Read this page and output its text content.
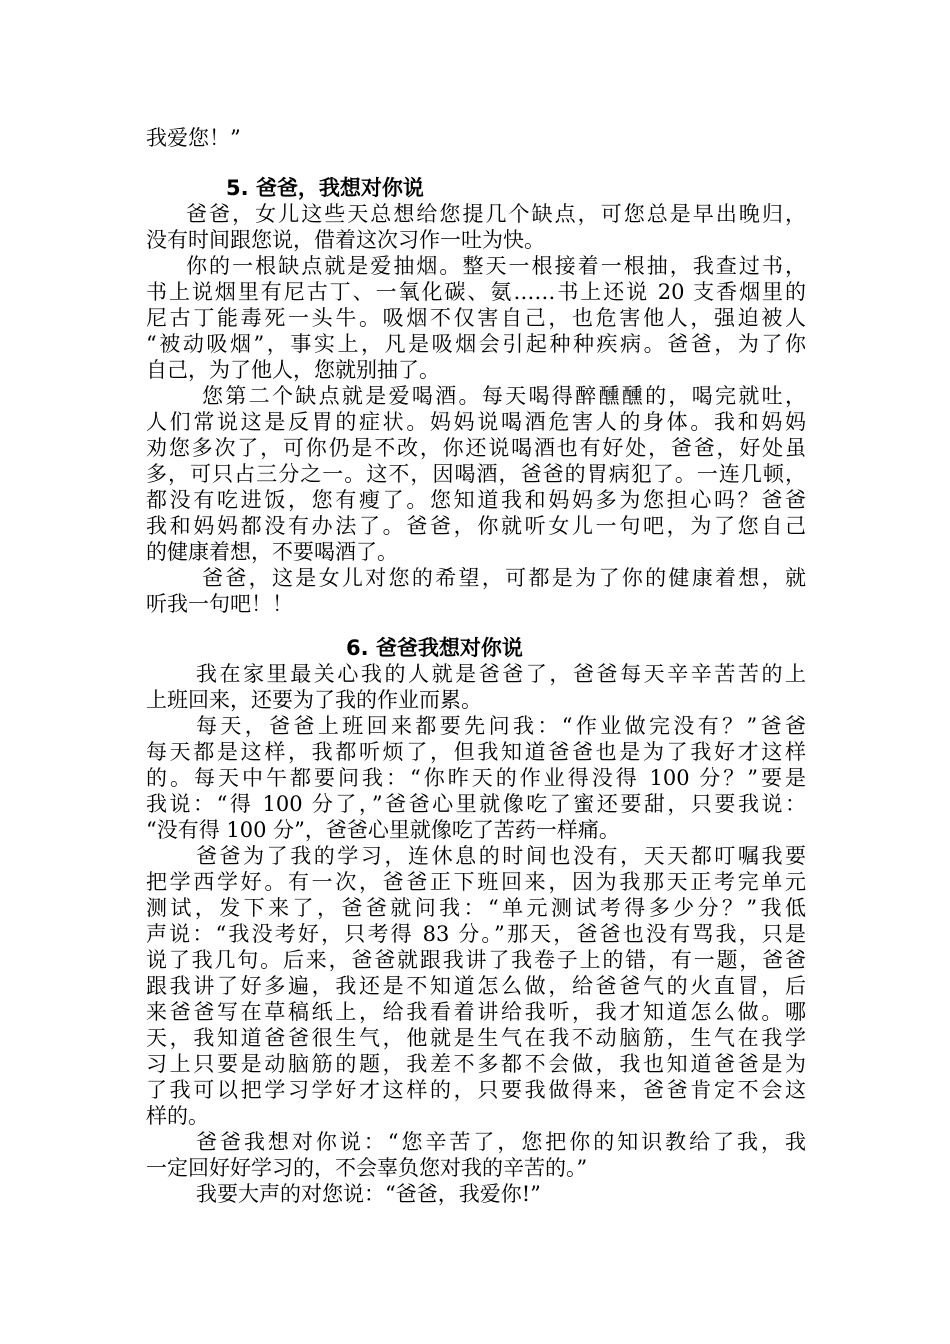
我爱您！”
5. 爸爸，我想对你说
爸爸，女儿这些天总想给您提几个缺点，可您总是早出晚归，
没有时间跟您说，借着这次习作一吐为快。
你的一根缺点就是爱抽烟。整天一根接着一根抽，我查过书，
书上说烟里有尼古丁、一氧化碳、氨……书上还说 20 支香烟里的
尼古丁能毒死一头牛。吸烟不仅害自己，也危害他人，强迫被人
“被动吸烟”，事实上，凡是吸烟会引起种种疾病。爸爸，为了你
自己，为了他人，您就别抽了。
您第二个缺点就是爱喝酒。每天喝得醉醺醺的，喝完就吐，
人们常说这是反胃的症状。妈妈说喝酒危害人的身体。我和妈妈
劝您多次了，可你仍是不改，你还说喝酒也有好处，爸爸，好处虽
多，可只占三分之一。这不，因喝酒，爸爸的胃病犯了。一连几顿，
都没有吃进饭，您有瘦了。您知道我和妈妈多为您担心吗？爸爸
我和妈妈都没有办法了。爸爸，你就听女儿一句吧，为了您自己
的健康着想，不要喝酒了。
爸爸，这是女儿对您的希望，可都是为了你的健康着想，就
听我一句吧！！
6. 爸爸我想对你说
我在家里最关心我的人就是爸爸了，爸爸每天辛辛苦苦的上
上班回来，还要为了我的作业而累。
每天，爸爸上班回来都要先问我：“作业做完没有？”爸爸
每天都是这样，我都听烦了，但我知道爸爸也是为了我好才这样
的。每天中午都要问我：“你昨天的作业得没得 100 分？”要是
我说：“得 100 分了，”爸爸心里就像吃了蜜还要甜，只要我说：
“没有得 100 分”，爸爸心里就像吃了苦药一样痛。
爸爸为了我的学习，连休息的时间也没有，天天都叮嘱我要
把学西学好。有一次，爸爸正下班回来，因为我那天正考完单元
测试，发下来了，爸爸就问我：“单元测试考得多少分？”我低
声说：“我没考好，只考得 83 分。”那天，爸爸也没有骂我，只是
说了我几句。后来，爸爸就跟我讲了我卷子上的错，有一题，爸爸
跟我讲了好多遍，我还是不知道怎么做，给爸爸气的火直冒，后
来爸爸写在草稿纸上，给我看着讲给我听，我才知道怎么做。哪
天，我知道爸爸很生气，他就是生气在我不动脑筋，生气在我学
习上只要是动脑筋的题，我差不多都不会做，我也知道爸爸是为
了我可以把学习学好才这样的，只要我做得来，爸爸肯定不会这
样的。
爸爸我想对你说：“您辛苦了，您把你的知识教给了我，我
一定回好好学习的，不会辜负您对我的辛苦的。”
我要大声的对您说：“爸爸，我爱你!”
